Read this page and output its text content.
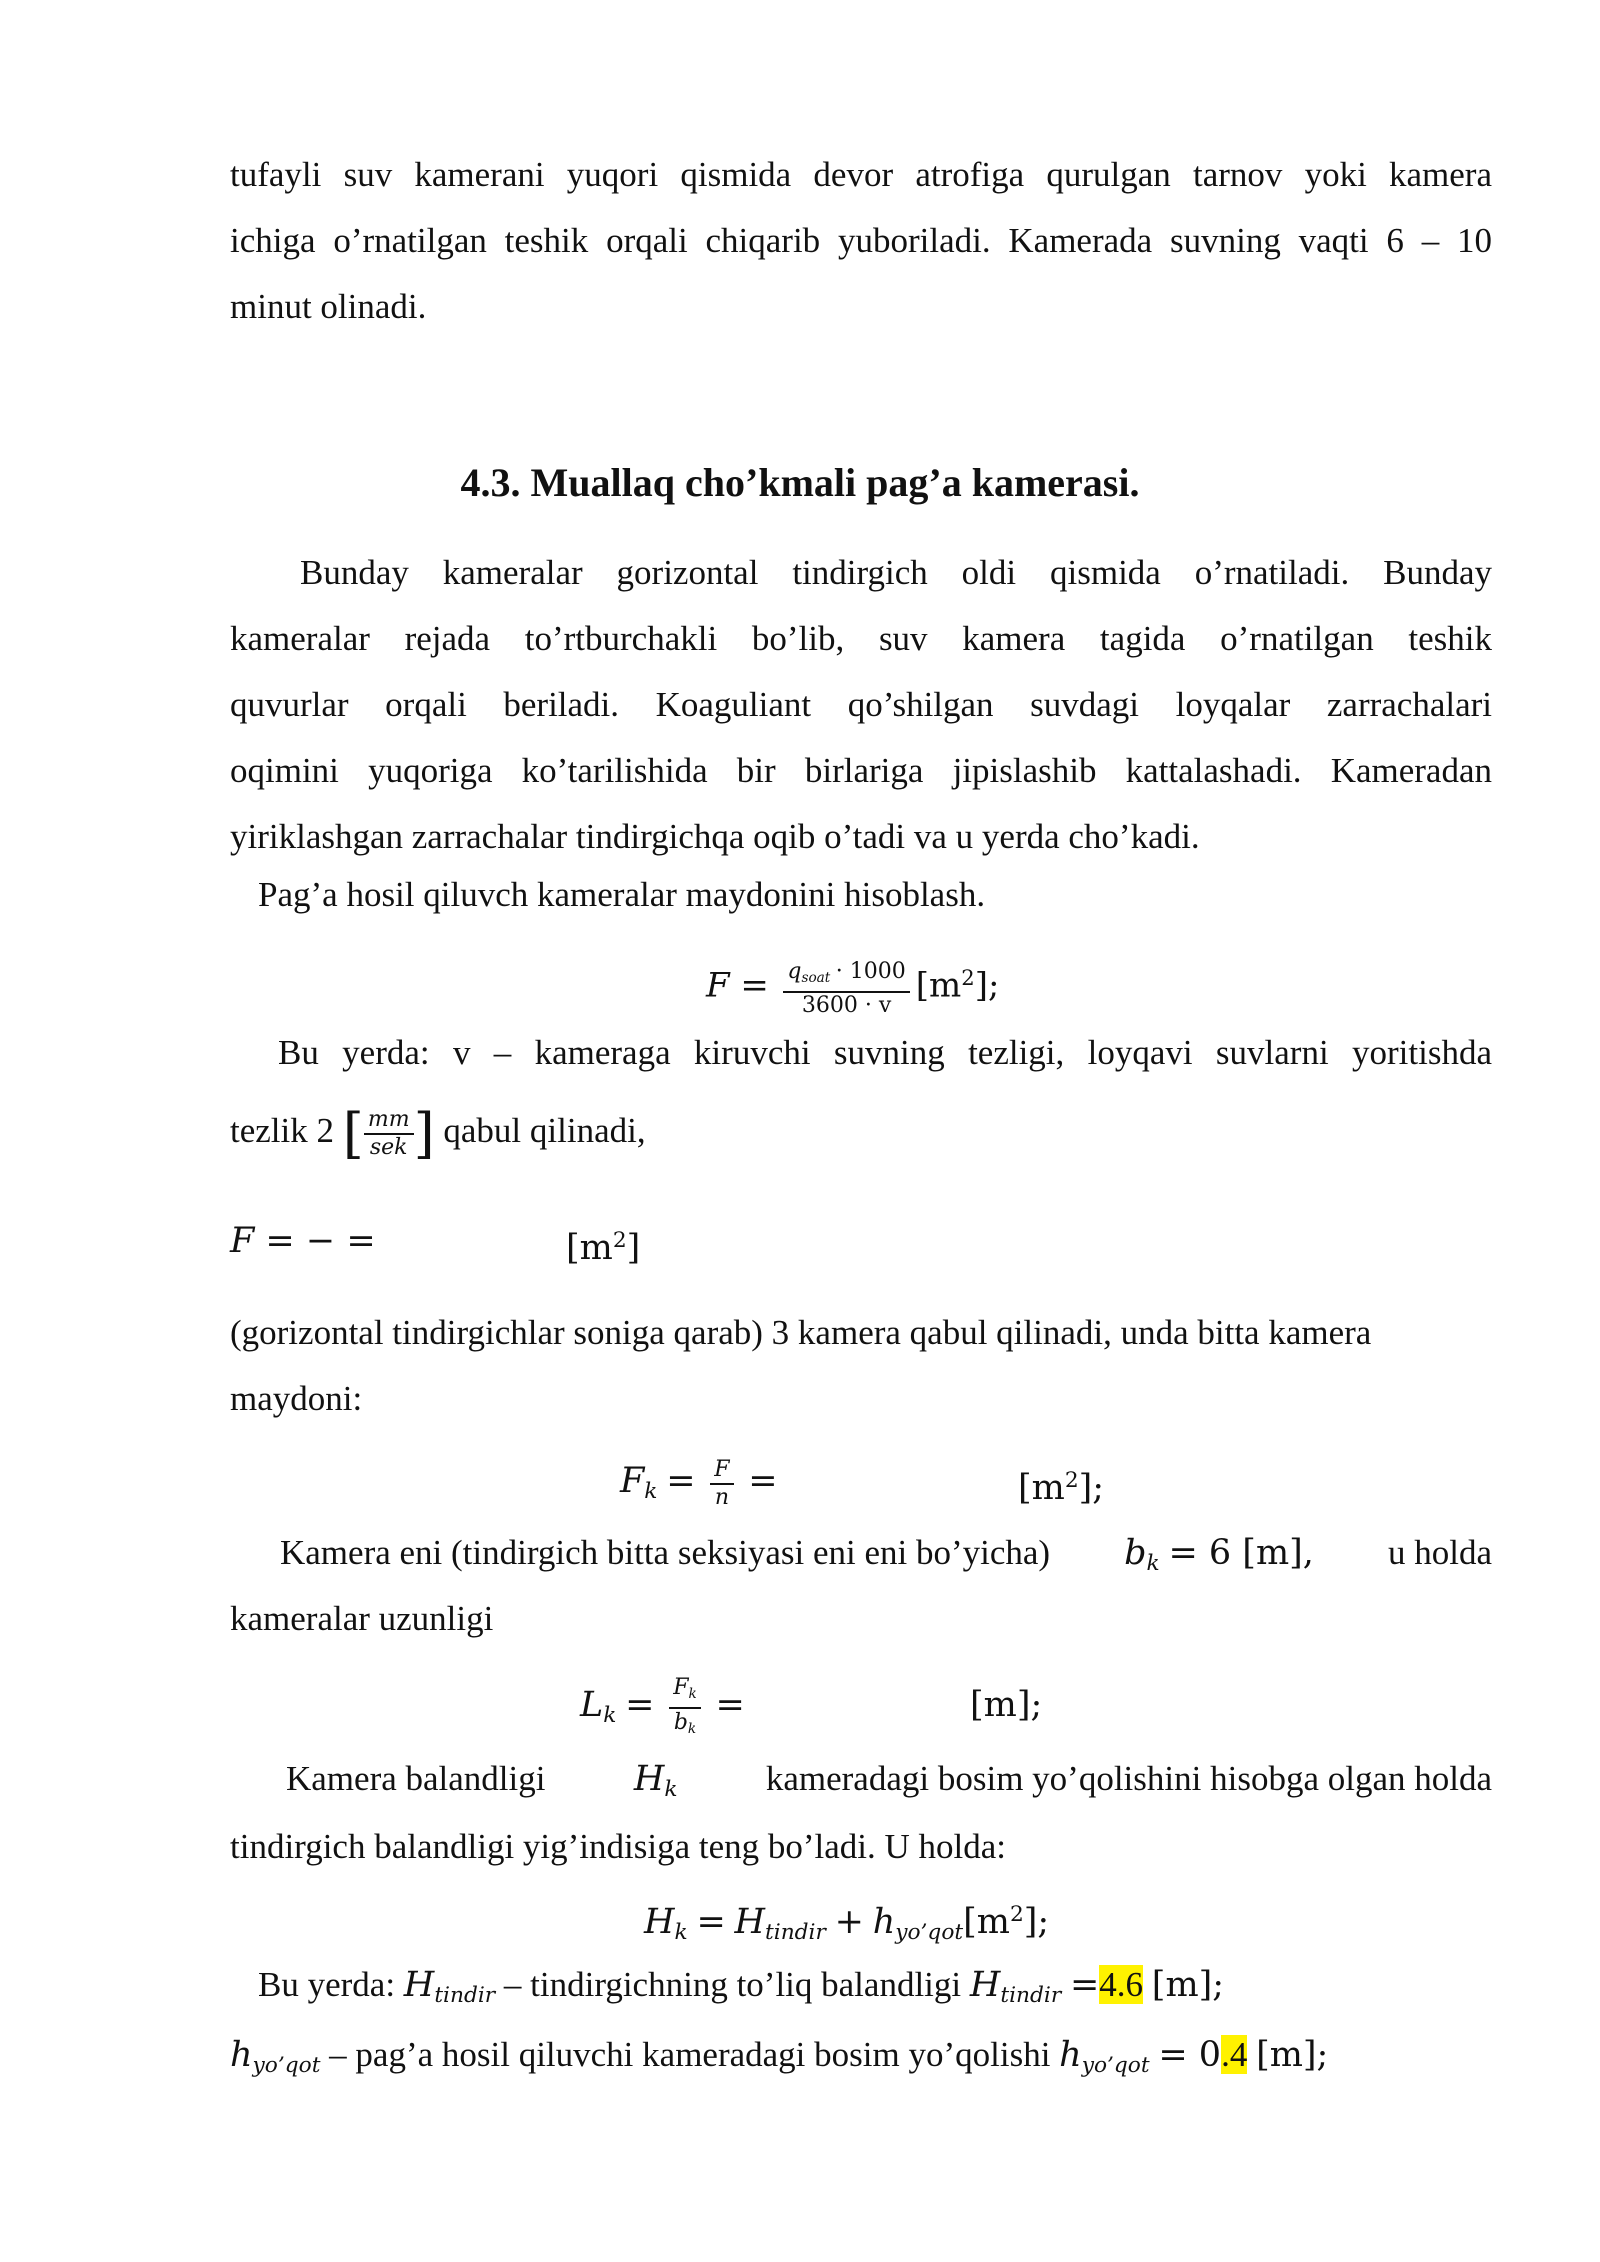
tufayli suv kamerani yuqori qismida devor atrofiga qurulgan tarnov yoki kamera
ichiga o’rnatilgan teshik orqali chiqarib yuboriladi. Kamerada suvning vaqti 6 – 10
minut olinadi.
4.3. Muallaq cho’kmali pag’a kamerasi.
Bunday kameralar gorizontal tindirgich oldi qismida o’rnatiladi. Bunday
kameralar rejada to’rtburchakli bo’lib, suv kamera tagida o’rnatilgan teshik
quvurlar orqali beriladi. Koaguliant qo’shilgan suvdagi loyqalar zarrachalari
oqimini yuqoriga ko’tarilishida bir birlariga jipislashib kattalashadi. Kameradan
yiriklashgan zarrachalar tindirgichqa oqib o’tadi va u yerda cho’kadi.
Pag’a hosil qiluvch kameralar maydonini hisoblash.
$F = \frac{q_{soat} \cdot 1000}{3600 \cdot v} [m^2]$;
Bu yerda: v – kameraga kiruvchi suvning tezligi, loyqavi suvlarni yoritishda
tezlik 2 [ $\frac{mm}{\text{sek}}$ ] qabul qilinadi,
F = − =	$[m^2]$
(gorizontal tindirgichlar soniga qarab) 3 kamera qabul qilinadi, unda bitta kamera
maydoni:
$F_k = \frac{F}{n}$ =	$[m^2]$;
Kamera eni (tindirgich bitta seksiyasi eni eni bo’yicha) $b_k = 6$ [m], u holda
kameralar uzunligi
$L_k = \frac{F_k}{b_k}$ =	[m];
Kamera balandligi	$H_k$	kameradagi bosim yo’qolishini hisobga olgan holda
tindirgich balandligi yig’indisiga teng bo’ladi. U holda:
$H_k = H_{tindir} + h_{yo’qot}[m^2]$;
Bu yerda: $H_{tindir}$ – tindirgichning to’liq balandligi $H_{tindir} =4.6$ [m];
$h_{yo’qot}$ – pag’a hosil qiluvchi kameradagi bosim yo’qolishi $h_{yo’qot} = 0.4$ [m];
